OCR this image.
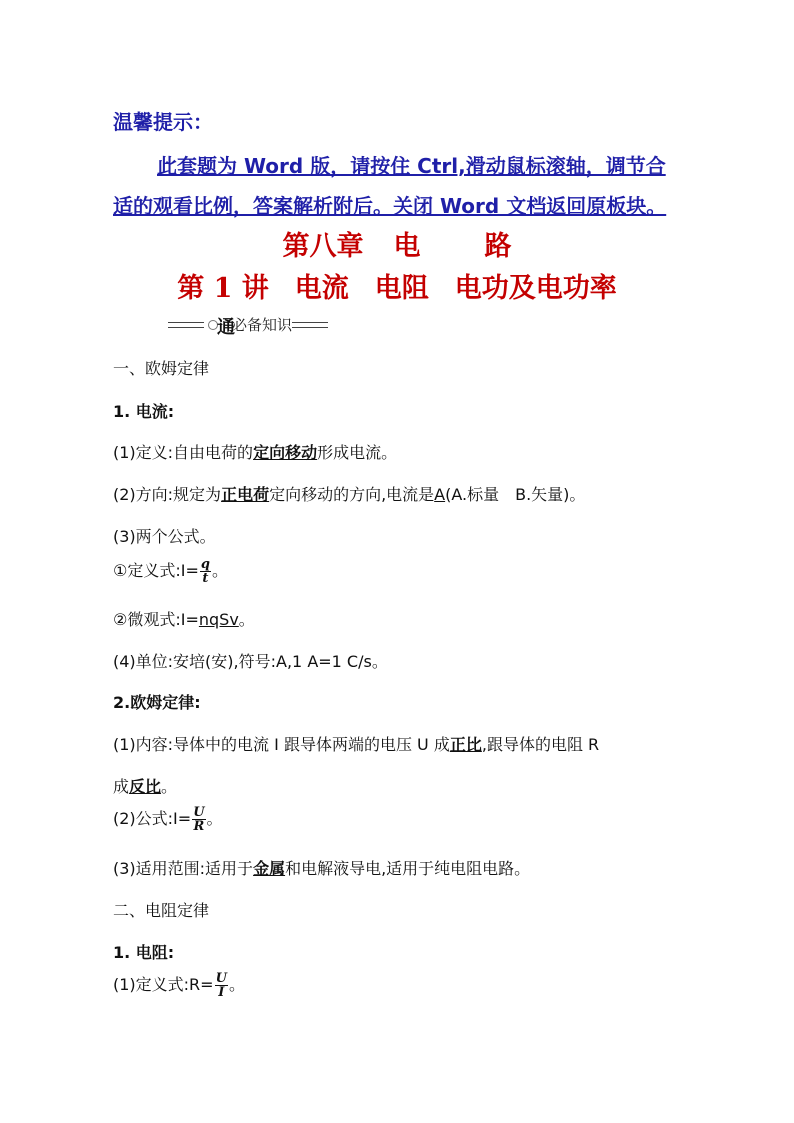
温馨提示：
此套题为 Word 版，请按住 Ctrl,滑动鼠标滚轴，调节合
适的观看比例，答案解析附后。关闭 Word 文档返回原板块。
第八章 电 路
第 1 讲 电流 电阻 电功及电功率
通
必备知识
一、欧姆定律
1. 电流:
(1)定义:自由电荷的定向移动形成电流。
(2)方向:规定为正电荷定向移动的方向,电流是A(A.标量　B.矢量)。
(3)两个公式。
①定义式:I= $\frac{q}{t}$ 。
②微观式:I=nqSv。
(4)单位:安培(安),符号:A,1 A=1 C/s。
2.欧姆定律:
(1)内容:导体中的电流 I 跟导体两端的电压 U 成正比,跟导体的电阻 R
成反比。
(2)公式:I= $\frac{U}{R}$ 。
(3)适用范围:适用于金属和电解液导电,适用于纯电阻电路。
二、电阻定律
1. 电阻:
(1)定义式:R= $\frac{U}{I}$ 。
